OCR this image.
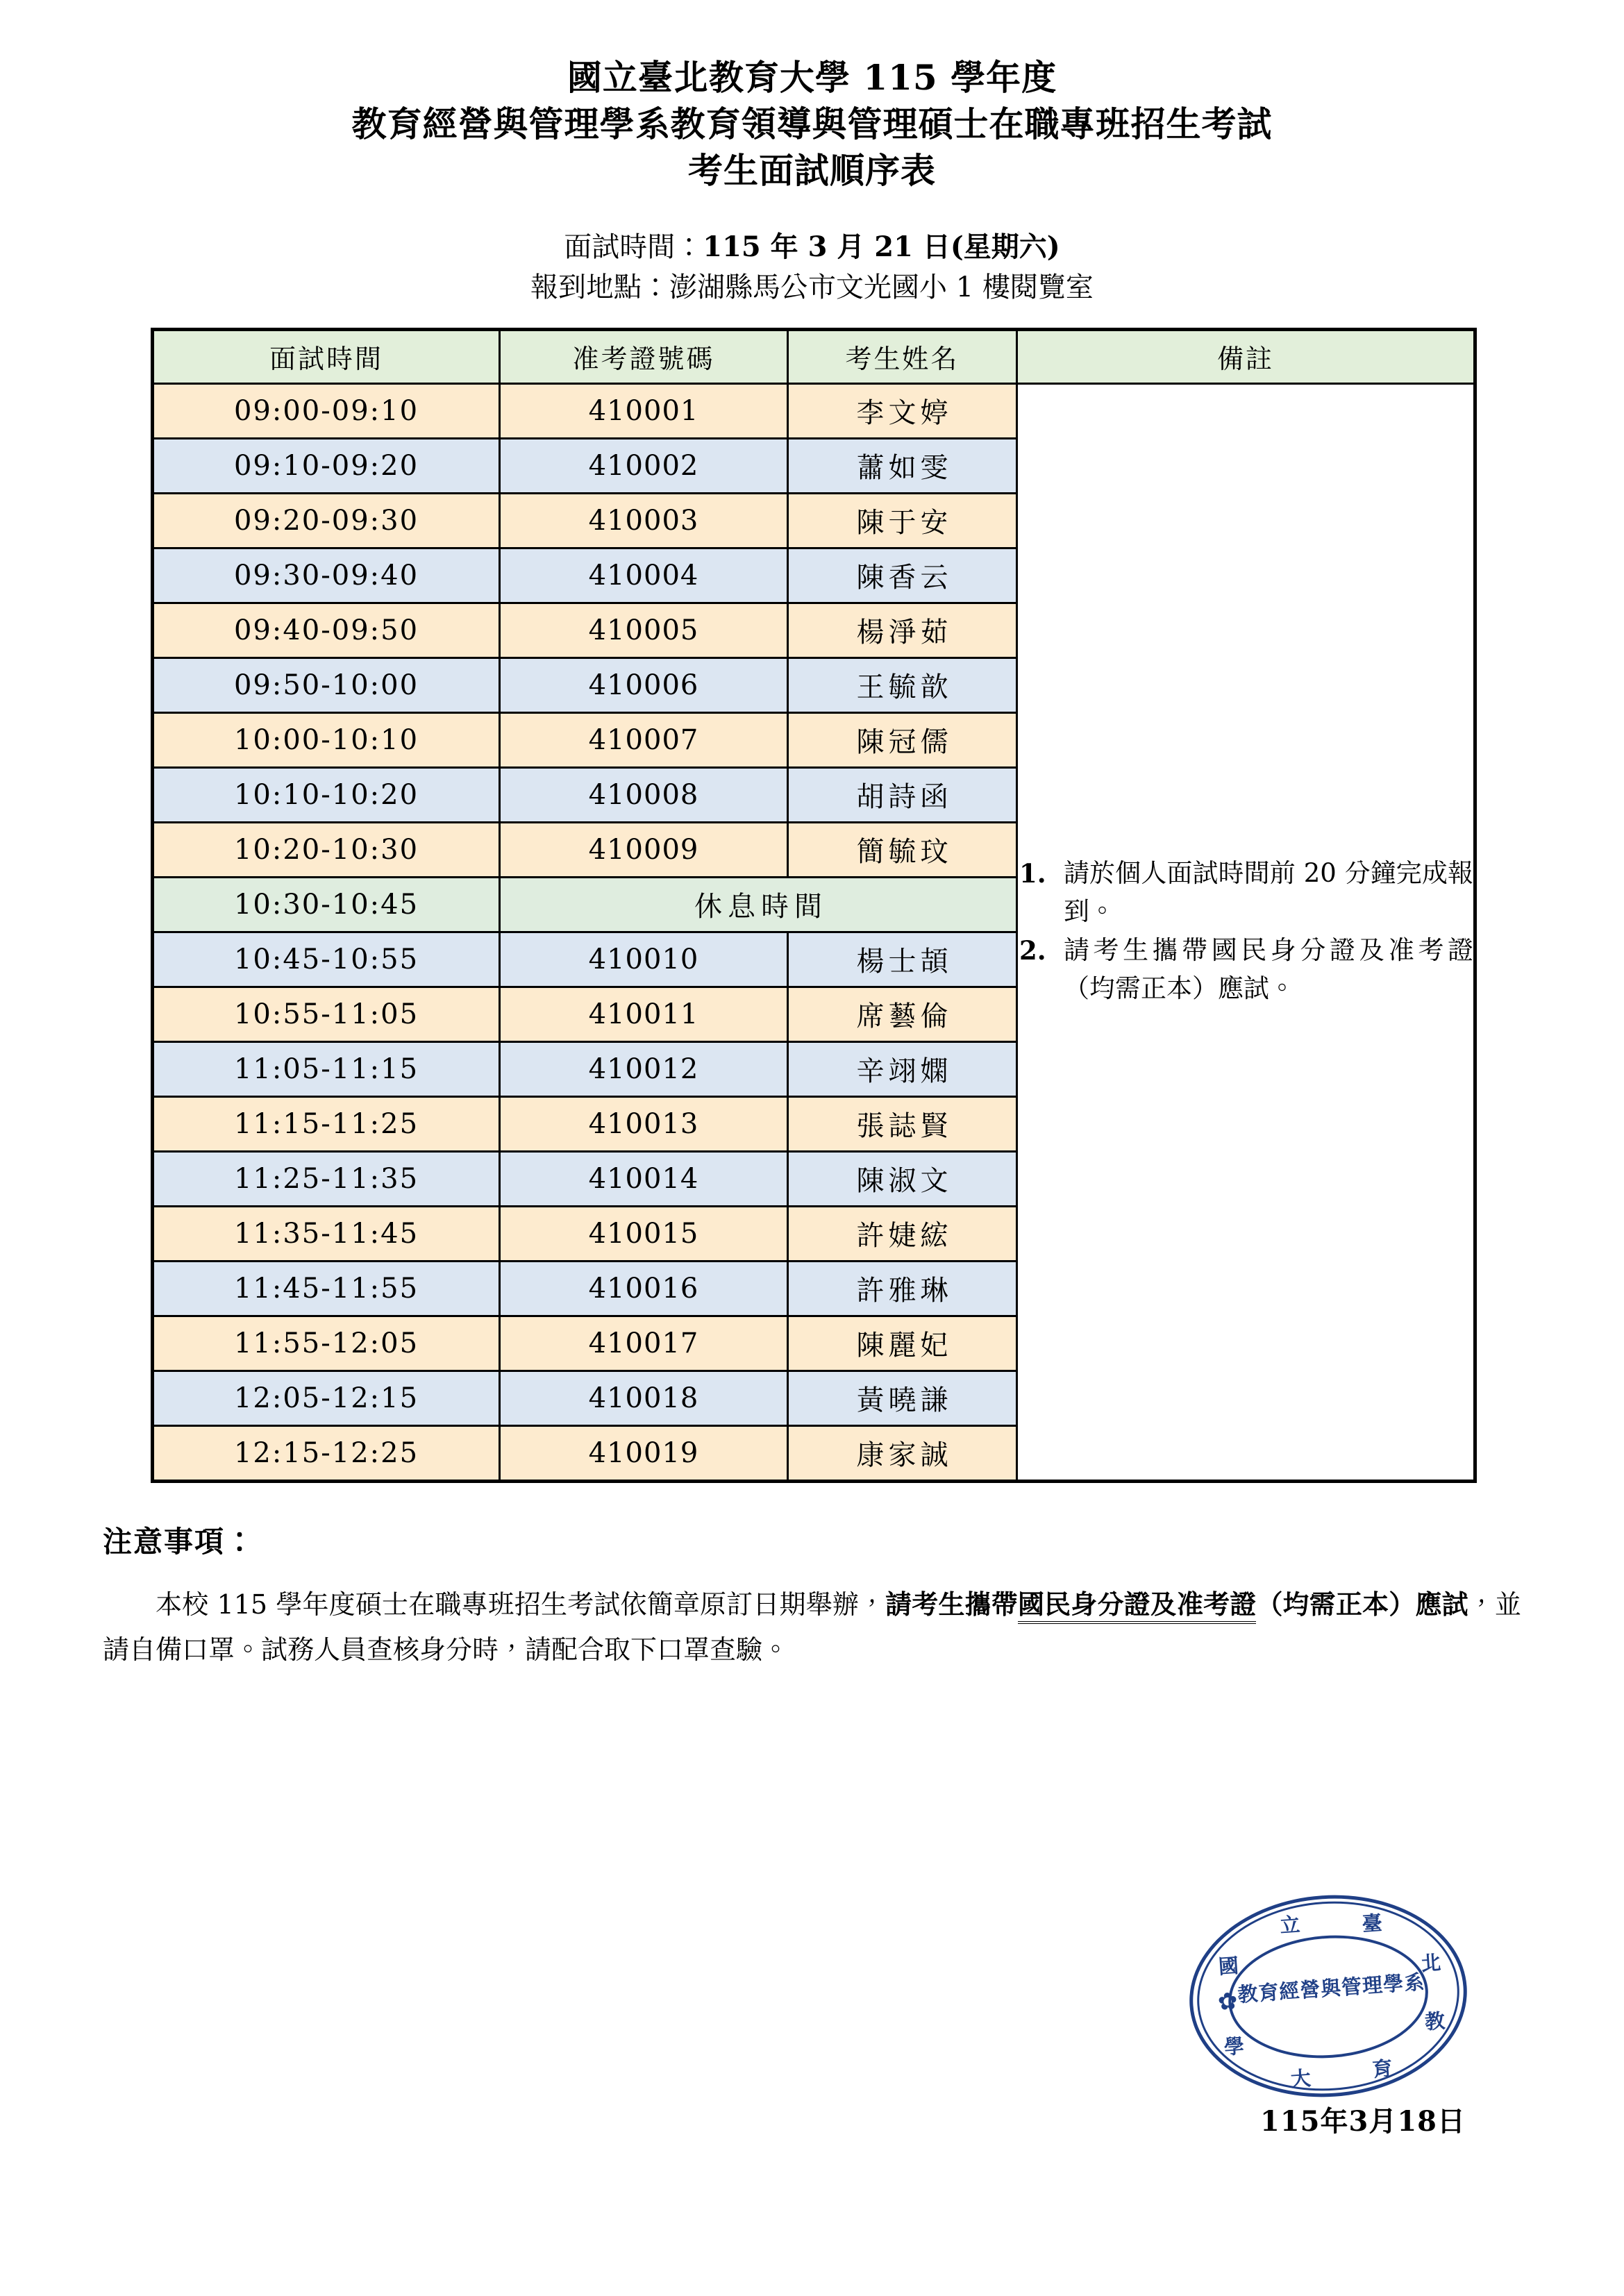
國立臺北教育大學 115 學年度
教育經營與管理學系教育領導與管理碩士在職專班招生考試
考生面試順序表
面試時間：115 年 3 月 21 日(星期六)
報到地點：澎湖縣馬公市文光國小 1 樓閱覽室
面試時間	准考證號碼	考生姓名	備註
09:00-09:10	410001	李文婷	
1. 請於個人面試時間前 20 分鐘完成報到。
2. 請考生攜帶國民身分證及准考證（均需正本）應試。

09:10-09:20	410002	蕭如雯	
09:20-09:30	410003	陳于安	
09:30-09:40	410004	陳香云	
09:40-09:50	410005	楊淨茹	
09:50-10:00	410006	王毓歆	
10:00-10:10	410007	陳冠儒	
10:10-10:20	410008	胡詩函	
10:20-10:30	410009	簡毓玟	
10:30-10:45	休息時間		
10:45-10:55	410010	楊士頡	
10:55-11:05	410011	席藝倫	
11:05-11:15	410012	辛翊嫻	
11:15-11:25	410013	張誌賢	
11:25-11:35	410014	陳淑文	
11:35-11:45	410015	許婕綋	
11:45-11:55	410016	許雅琳	
11:55-12:05	410017	陳麗妃	
12:05-12:15	410018	黃曉謙	
12:15-12:25	410019	康家誠	
注意事項：
本校 115 學年度碩士在職專班招生考試依簡章原訂日期舉辦，請考生攜帶國民身分證及准考證（均需正本）應試，並請自備口罩。試務人員查核身分時，請配合取下口罩查驗。
國
立	臺
北
教
育
大
學
✿
教育經營與管理學系
115年3月18日
